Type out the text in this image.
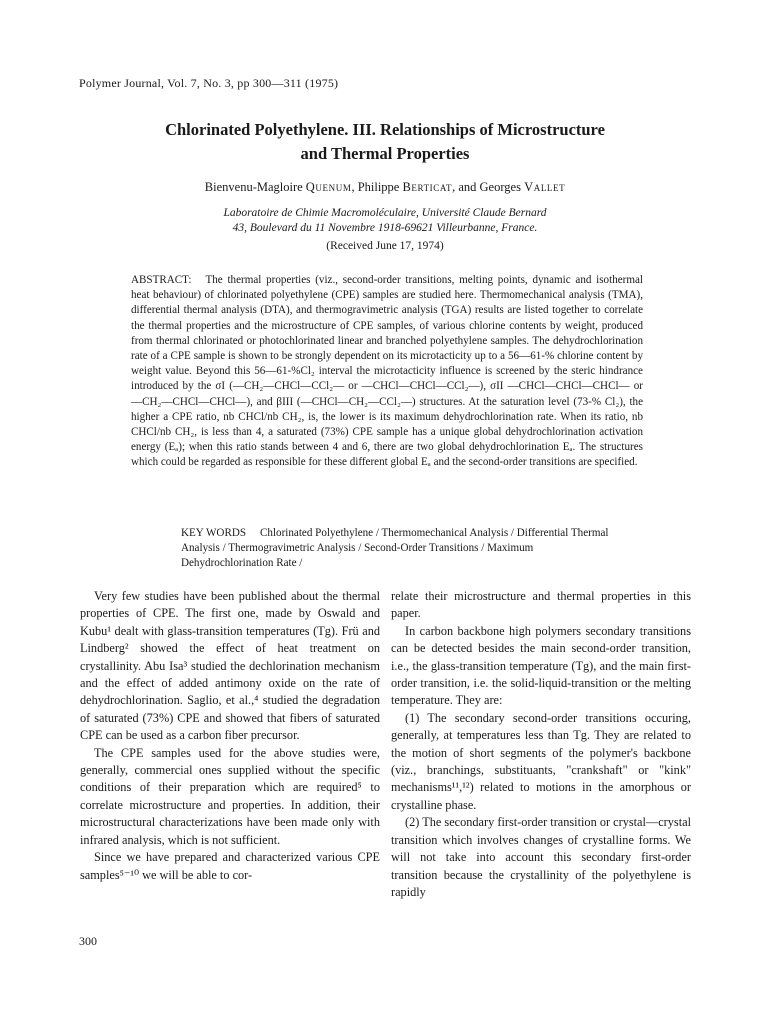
Polymer Journal, Vol. 7, No. 3, pp 300—311 (1975)
Chlorinated Polyethylene. III. Relationships of Microstructure
and Thermal Properties
Bienvenu-Magloire Quenum, Philippe Berticat, and Georges Vallet
Laboratoire de Chimie Macromoléculaire, Université Claude Bernard
43, Boulevard du 11 Novembre 1918-69621 Villeurbanne, France.
(Received June 17, 1974)
ABSTRACT: The thermal properties (viz., second-order transitions, melting points, dynamic and isothermal heat behaviour) of chlorinated polyethylene (CPE) samples are studied here. Thermomechanical analysis (TMA), differential thermal analysis (DTA), and thermogravimetric analysis (TGA) results are listed together to correlate the thermal properties and the microstructure of CPE samples, of various chlorine contents by weight, produced from thermal chlorinated or photochlorinated linear and branched polyethylene samples. The dehydrochlorination rate of a CPE sample is shown to be strongly dependent on its microtacticity up to a 56—61-% chlorine content by weight value. Beyond this 56—61-%Cl₂ interval the microtacticity influence is screened by the steric hindrance introduced by the σI (—CH₂—CHCl—CCl₂— or —CHCl—CHCl—CCl₂—), σII —CHCl—CHCl—CHCl— or —CH₂—CHCl—CHCl—), and βIII (—CHCl—CH₂—CCl₂—) structures. At the saturation level (73-% Cl₂), the higher a CPE ratio, nb CHCl/nb CH₂, is, the lower is its maximum dehydrochlorination rate. When its ratio, nb CHCl/nb CH₂, is less than 4, a saturated (73%) CPE sample has a unique global dehydrochlorination activation energy (Eₐ); when this ratio stands between 4 and 6, there are two global dehydrochlorination Eₐ. The structures which could be regarded as responsible for these different global Eₐ and the second-order transitions are specified.
KEY WORDS Chlorinated Polyethylene / Thermomechanical Analysis / Differential Thermal Analysis / Thermogravimetric Analysis / Second-Order Transitions / Maximum Dehydrochlorination Rate /

Very few studies have been published about the thermal properties of CPE. The first one, made by Oswald and Kubu¹ dealt with glass-transition temperatures (Tg). Frü and Lindberg² showed the effect of heat treatment on crystallinity. Abu Isa³ studied the dechlorination mechanism and the effect of added antimony oxide on the rate of dehydrochlorination. Saglio, et al.,⁴ studied the degradation of saturated (73%) CPE and showed that fibers of saturated CPE can be used as a carbon fiber precursor.

The CPE samples used for the above studies were, generally, commercial ones supplied without the specific conditions of their preparation which are required⁵ to correlate microstructure and properties. In addition, their microstructural characterizations have been made only with infrared analysis, which is not sufficient.

Since we have prepared and characterized various CPE samples⁵⁻¹⁰ we will be able to cor-

relate their microstructure and thermal properties in this paper.

In carbon backbone high polymers secondary transitions can be detected besides the main second-order transition, i.e., the glass-transition temperature (Tg), and the main first-order transition, i.e. the solid-liquid-transition or the melting temperature. They are:

(1) The secondary second-order transitions occuring, generally, at temperatures less than Tg. They are related to the motion of short segments of the polymer's backbone (viz., branchings, substituants, "crankshaft" or "kink" mechanisms¹¹,¹²) related to motions in the amorphous or crystalline phase.

(2) The secondary first-order transition or crystal—crystal transition which involves changes of crystalline forms. We will not take into account this secondary first-order transition because the crystallinity of the polyethylene is rapidly

300
